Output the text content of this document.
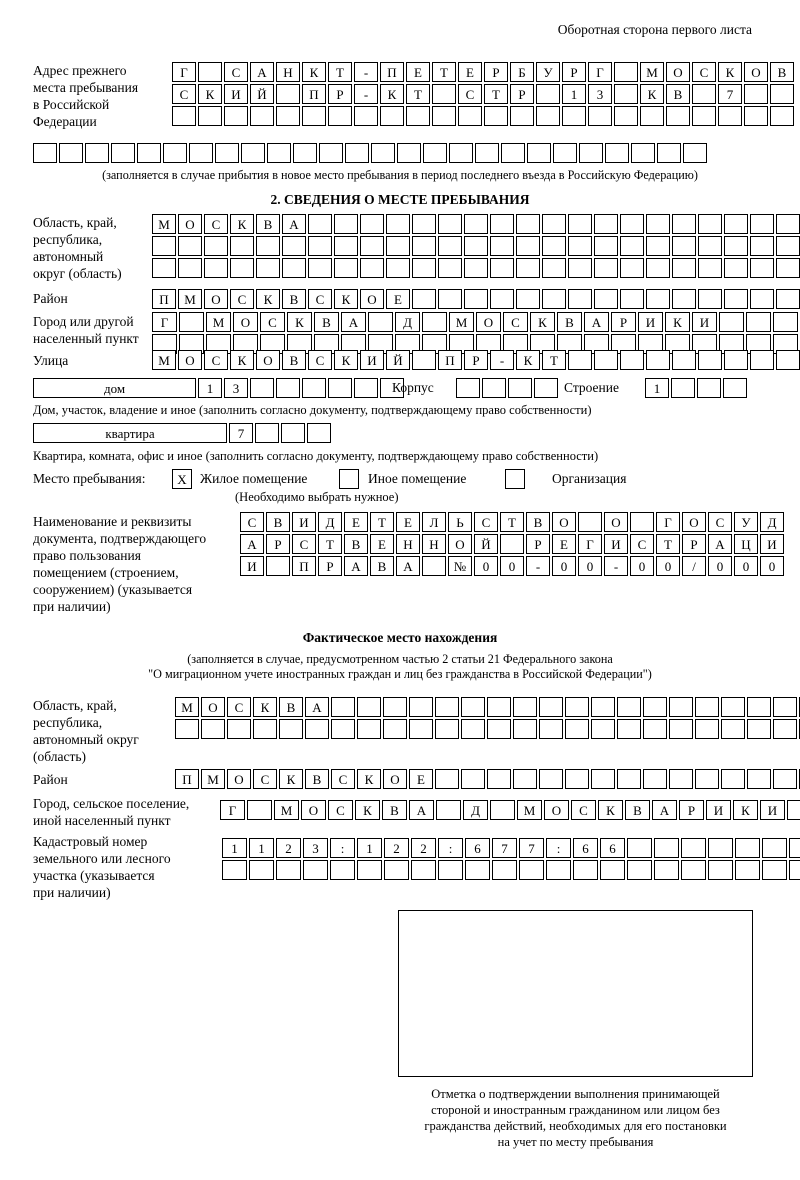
Оборотная сторона первого листа
Адрес прежнего
места пребывания
в Российской
Федерации
Г	С	А	Н	К	Т	-	П	Е	Т	Е	Р	Б	У	Р	Г	М	О	С	К	О	В
С	К	И	Й	П	Р	-	К	Т	С	Т	Р	1	3	К	В	7
(заполняется в случае прибытия в новое место пребывания в период последнего въезда в Российскую Федерацию)
2. СВЕДЕНИЯ О МЕСТЕ ПРЕБЫВАНИЯ
Область, край,
республика,
автономный
округ (область)
М	О	С	К	В	А
Район	П	М	О	С	К	В	С	К	О	Е
Город или другой
населенный пункт
Г	М	О	С	К	В	А	Д	М	О	С	К	В	А	Р	И	К	И
Улица	М	О	С	К	О	В	С	К	И	Й	П	Р	-	К	Т
дом	1	3	Корпус	Строение	1
Дом, участок, владение и иное (заполнить согласно документу, подтверждающему право собственности)
квартира	7
Квартира, комната, офис и иное (заполнить согласно документу, подтверждающему право собственности)
Место пребывания:	Х Жилое помещение	Иное помещение	Организация
(Необходимо выбрать нужное)
Наименование и реквизиты
документа, подтверждающего
право пользования
помещением (строением,
сооружением) (указывается
при наличии)
С	В	И	Д	Е	Т	Е	Л	Ь	С	Т	В	О	О	Г	О	С	У	Д
А	Р	С	Т	В	Е	Н	Н	О	Й	Р	Е	Г	И	С	Т	Р	А	Ц	И
И	П	Р	А	В	А	№	0	0	-	0	0	-	0	0	/	0	0	0
Фактическое место нахождения
(заполняется в случае, предусмотренном частью 2 статьи 21 Федерального закона
"О миграционном учете иностранных граждан и лиц без гражданства в Российской Федерации")
Область, край,
республика,
автономный округ
(область)
М	О	С	К	В	А
Район	П	М	О	С	К	В	С	К	О	Е
Город, сельское поселение,
иной населенный пункт
Г	М	О	С	К	В	А	Д	М	О	С	К	В	А	Р	И	К	И
Кадастровый номер
земельного или лесного
участка (указывается
при наличии)
1	1	2	3	:	1	2	2	:	6	7	7	:	6	6
Отметка о подтверждении выполнения принимающей
стороной и иностранным гражданином или лицом без
гражданства действий, необходимых для его постановки
на учет по месту пребывания
